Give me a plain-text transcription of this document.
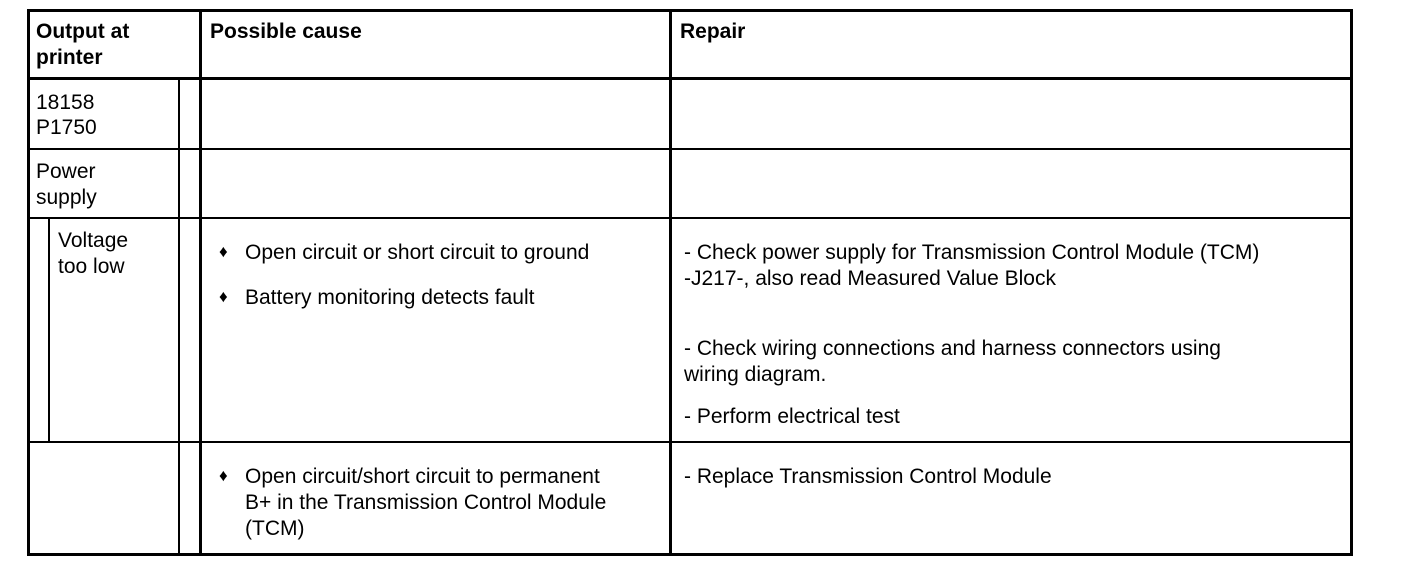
Output at printer
Possible cause	Repair
18158
P1750
Power
supply
Voltage
too low
♦ Open circuit or short circuit to ground
♦ Battery monitoring detects fault
- Check power supply for Transmission Control Module (TCM)
-J217-, also read Measured Value Block
- Check wiring connections and harness connectors using
wiring diagram.
- Perform electrical test
♦ Open circuit/short circuit to permanent
B+ in the Transmission Control Module
(TCM)
- Replace Transmission Control Module
